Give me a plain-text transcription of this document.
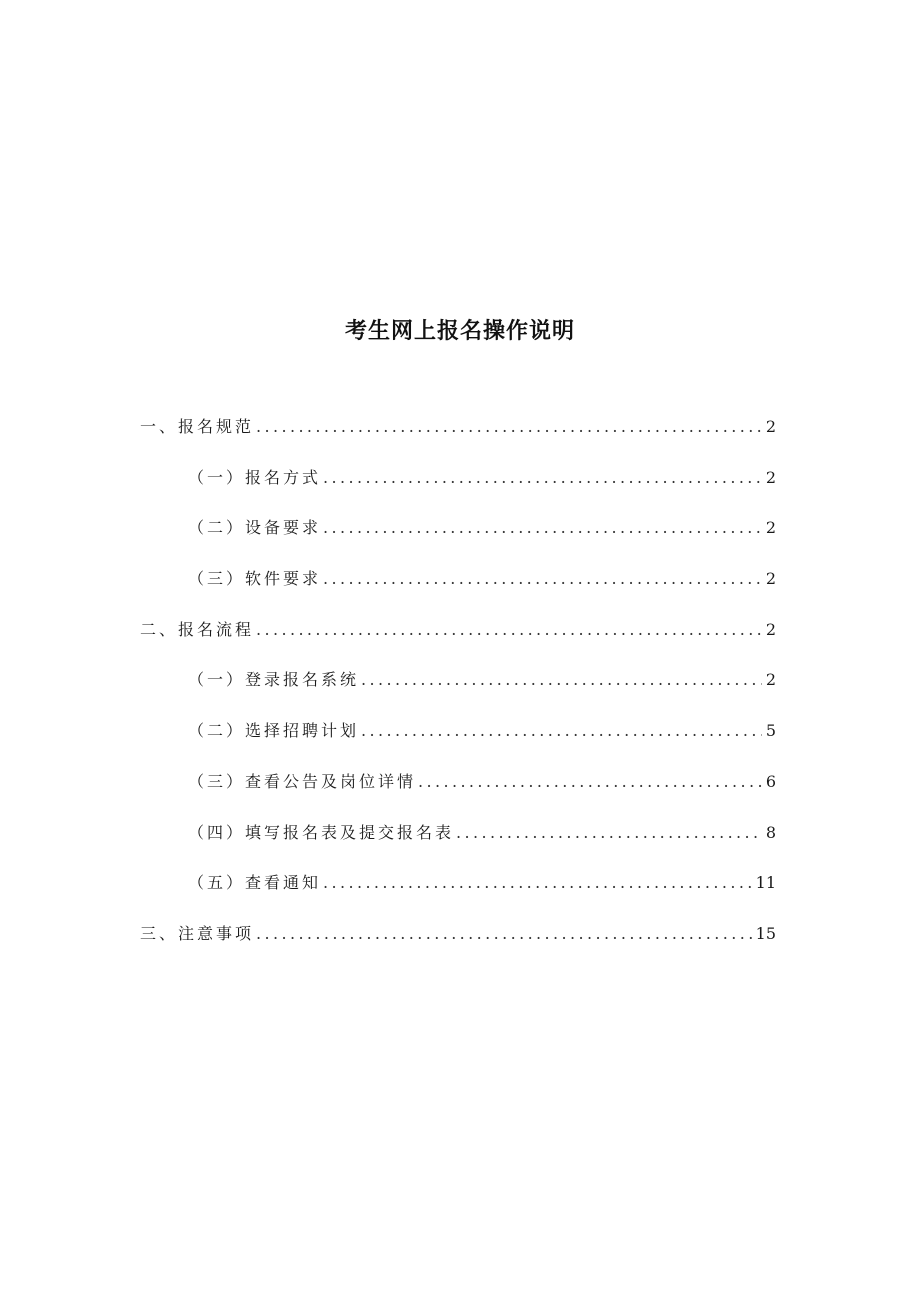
考生网上报名操作说明
一、报名规范 .....	2
（一）报名方式 .....	2
（二）设备要求 .....	2
（三）软件要求 .....	2
二、报名流程 .....	2
（一）登录报名系统 .....	2
（二）选择招聘计划 .....	5
（三）查看公告及岗位详情 .....	6
（四）填写报名表及提交报名表 .....	8
（五）查看通知 .....	11
三、注意事项 .....	15
